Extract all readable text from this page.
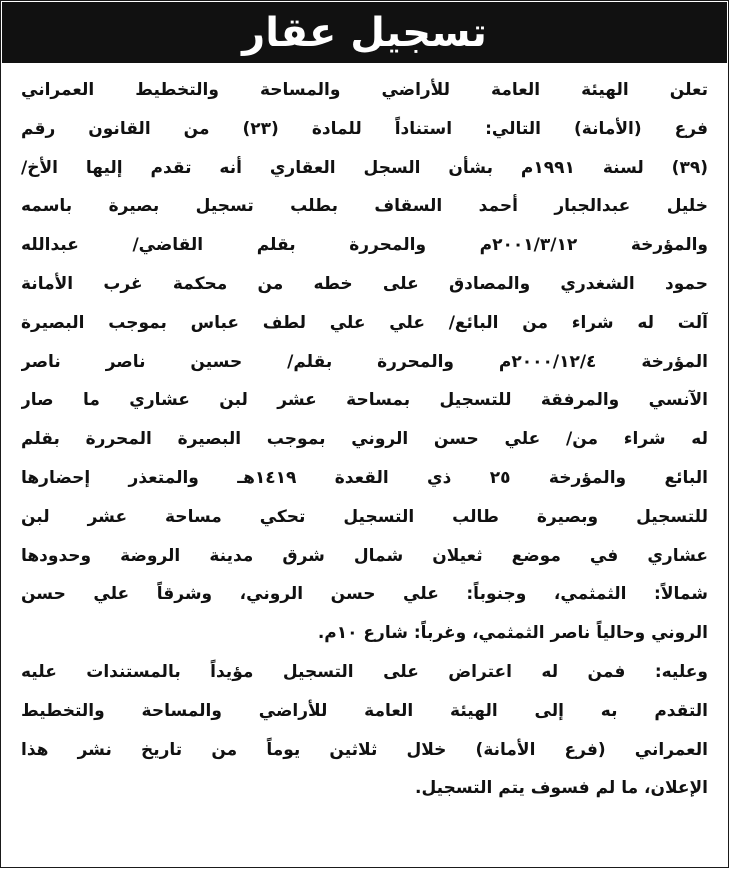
تسجيل عقار
تعلن الهيئة العامة للأراضي والمساحة والتخطيط العمراني
فرع (الأمانة) التالي: استناداً للمادة (٢٣) من القانون رقم
(٣٩) لسنة ١٩٩١م بشأن السجل العقاري أنه تقدم إليها الأخ/
خليل عبدالجبار أحمد السقاف بطلب تسجيل بصيرة باسمه
والمؤرخة ٢٠٠١/٣/١٢م والمحررة بقلم القاضي/ عبدالله
حمود الشغدري والمصادق على خطه من محكمة غرب الأمانة
آلت له شراء من البائع/ علي علي لطف عباس بموجب البصيرة
المؤرخة ٢٠٠٠/١٢/٤م والمحررة بقلم/ حسين ناصر ناصر
الآنسي والمرفقة للتسجيل بمساحة عشر لبن عشاري ما صار
له شراء من/ علي حسن الروني بموجب البصيرة المحررة بقلم
البائع والمؤرخة ٢٥ ذي القعدة ١٤١٩هـ والمتعذر إحضارها
للتسجيل وبصيرة طالب التسجيل تحكي مساحة عشر لبن
عشاري في موضع ثعيلان شمال شرق مدينة الروضة وحدودها
شمالاً: الثمثمي، وجنوباً: علي حسن الروني، وشرقاً علي حسن
الروني وحالياً ناصر الثمثمي، وغرباً: شارع ١٠م.
وعليه: فمن له اعتراض على التسجيل مؤيداً بالمستندات عليه
التقدم به إلى الهيئة العامة للأراضي والمساحة والتخطيط
العمراني (فرع الأمانة) خلال ثلاثين يوماً من تاريخ نشر هذا
الإعلان، ما لم فسوف يتم التسجيل.
